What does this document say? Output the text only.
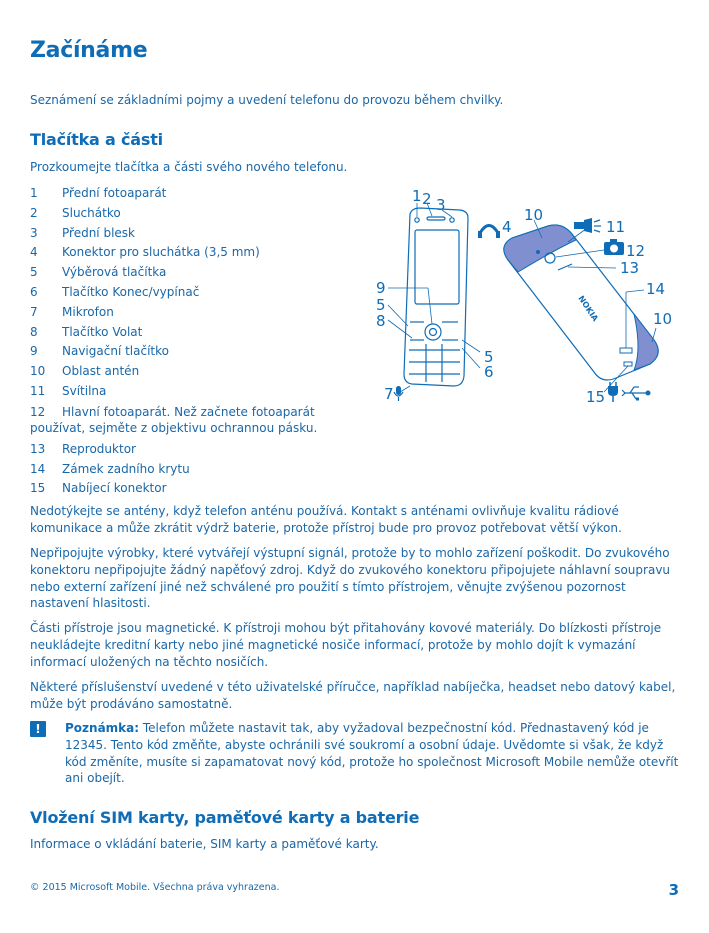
Začínáme
Seznámení se základními pojmy a uvedení telefonu do provozu během chvilky.
Tlačítka a části
Prozkoumejte tlačítka a části svého nového telefonu.
1 Přední fotoaparát
2 Sluchátko
3 Přední blesk
4 Konektor pro sluchátka (3,5 mm)
5 Výběrová tlačítka
6 Tlačítko Konec/vypínač
7 Mikrofon
8 Tlačítko Volat
9 Navigační tlačítko
10 Oblast antén
11 Svítilna
12 Hlavní fotoaparát. Než začnete fotoaparát používat, sejměte z objektivu ochrannou pásku.
13 Reproduktor
14 Zámek zadního krytu
15 Nabíjecí konektor
1 2 3
4
9
5
8
5
6
7
NOKIA
10
11
12
13
14
10
15

Nedotýkejte se antény, když telefon anténu používá. Kontakt s anténami ovlivňuje kvalitu rádiové komunikace a může zkrátit výdrž baterie, protože přístroj bude pro provoz potřebovat větší výkon.

Nepřipojujte výrobky, které vytvářejí výstupní signál, protože by to mohlo zařízení poškodit. Do zvukového konektoru nepřipojujte žádný napěťový zdroj. Když do zvukového konektoru připojujete náhlavní soupravu nebo externí zařízení jiné než schválené pro použití s tímto přístrojem, věnujte zvýšenou pozornost nastavení hlasitosti.

Části přístroje jsou magnetické. K přístroji mohou být přitahovány kovové materiály. Do blízkosti přístroje neukládejte kreditní karty nebo jiné magnetické nosiče informací, protože by mohlo dojít k vymazání informací uložených na těchto nosičích.

Některé příslušenství uvedené v této uživatelské příručce, například nabíječka, headset nebo datový kabel, může být prodáváno samostatně.

!	Poznámka: Telefon můžete nastavit tak, aby vyžadoval bezpečnostní kód. Přednastavený kód je 12345. Tento kód změňte, abyste ochránili své soukromí a osobní údaje. Uvědomte si však, že když kód změníte, musíte si zapamatovat nový kód, protože ho společnost Microsoft Mobile nemůže otevřít ani obejít.
Vložení SIM karty, paměťové karty a baterie
Informace o vkládání baterie, SIM karty a paměťové karty.
© 2015 Microsoft Mobile. Všechna práva vyhrazena.	3
